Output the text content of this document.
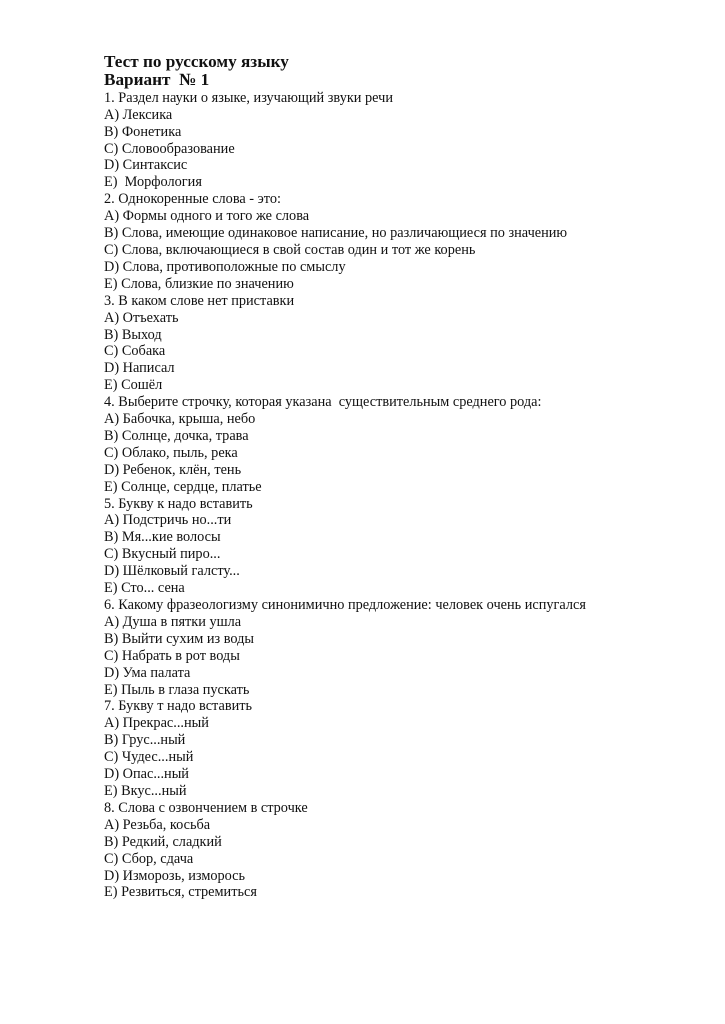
Тест по русскому языку
Вариант  № 1
1. Раздел науки о языке, изучающий звуки речи
А) Лексика
В) Фонетика
С) Словообразование
D) Синтаксис
Е)  Морфология
2. Однокоренные слова - это:
А) Формы одного и того же слова
В) Слова, имеющие одинаковое написание, но различающиеся по значению
С) Слова, включающиеся в свой состав один и тот же корень
D) Слова, противоположные по смыслу
Е) Слова, близкие по значению
3. В каком слове нет приставки
А) Отъехать
В) Выход
С) Собака
D) Написал
Е) Сошёл
4. Выберите строчку, которая указана  существительным среднего рода:
А) Бабочка, крыша, небо
В) Солнце, дочка, трава
С) Облако, пыль, река
D) Ребенок, клён, тень
Е) Солнце, сердце, платье
5. Букву к надо вставить
А) Подстричь но...ти
В) Мя...кие волосы
С) Вкусный пиро...
D) Шёлковый галсту...
Е) Сто... сена
6. Какому фразеологизму синонимично предложение: человек очень испугался
А) Душа в пятки ушла
В) Выйти сухим из воды
С) Набрать в рот воды
D) Ума палата
Е) Пыль в глаза пускать
7. Букву т надо вставить
А) Прекрас...ный
В) Грус...ный
С) Чудес...ный
D) Опас...ный
Е) Вкус...ный
8. Слова с озвончением в строчке
А) Резьба, косьба
В) Редкий, сладкий
С) Сбор, сдача
D) Изморозь, изморось
Е) Резвиться, стремиться
